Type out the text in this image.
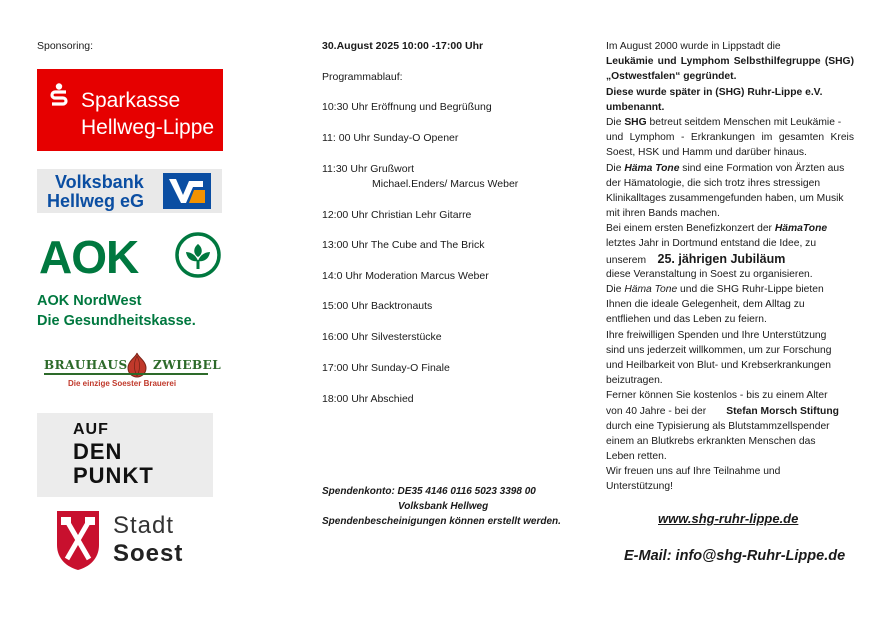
Sponsoring:
Sparkasse
Hellweg-Lippe
Volksbank
Hellweg eG
AOK
AOK NordWest
Die Gesundheitskasse.
BRAUHAUS ZWIEBEL
Die einzige Soester Brauerei
AUF
DEN
PUNKT
Stadt
Soest
30.August 2025 10:00 -17:00 Uhr
Programmablauf:
10:30 Uhr Eröffnung und Begrüßung
11: 00 Uhr Sunday-O Opener
11:30 Uhr Grußwort
Michael.Enders/ Marcus Weber
12:00 Uhr Christian Lehr Gitarre
13:00 Uhr The Cube and The Brick
14:0 Uhr Moderation Marcus Weber
15:00 Uhr Backtronauts
16:00 Uhr Silvesterstücke
17:00 Uhr Sunday-O Finale
18:00 Uhr Abschied
Spendenkonto: DE35 4146 0116 5023 3398 00
Volksbank Hellweg
Spendenbescheinigungen können erstellt werden.
Im August 2000 wurde in Lippstadt die
Leukämie und Lymphom Selbsthilfegruppe (SHG)
„Ostwestfalen“ gegründet.
Diese wurde später in (SHG) Ruhr-Lippe e.V.
umbenannt.
Die SHG betreut seitdem Menschen mit Leukämie -
und Lymphom - Erkrankungen im gesamten Kreis
Soest, HSK und Hamm und darüber hinaus.
Die Häma Tone sind eine Formation von Ärzten aus
der Hämatologie, die sich trotz ihres stressigen
Klinikalltages zusammengefunden haben, um Musik
mit ihren Bands machen.
Bei einem ersten Benefizkonzert der HämaTone
letztes Jahr in Dortmund entstand die Idee, zu
unserem    25. jährigen Jubiläum
diese Veranstaltung in Soest zu organisieren.
Die Häma Tone und die SHG Ruhr-Lippe bieten
Ihnen die ideale Gelegenheit, dem Alltag zu
entfliehen und das Leben zu feiern.
Ihre freiwilligen Spenden und Ihre Unterstützung
sind uns jederzeit willkommen, um zur Forschung
und Heilbarkeit von Blut- und Krebserkrankungen
beizutragen.
Ferner können Sie kostenlos - bis zu einem Alter
von 40 Jahre - bei der       Stefan Morsch Stiftung
durch eine Typisierung als Blutstammzellspender
einem an Blutkrebs erkrankten Menschen das
Leben retten.
Wir freuen uns auf Ihre Teilnahme und
Unterstützung!
www.shg-ruhr-lippe.de
E-Mail: info@shg-Ruhr-Lippe.de
